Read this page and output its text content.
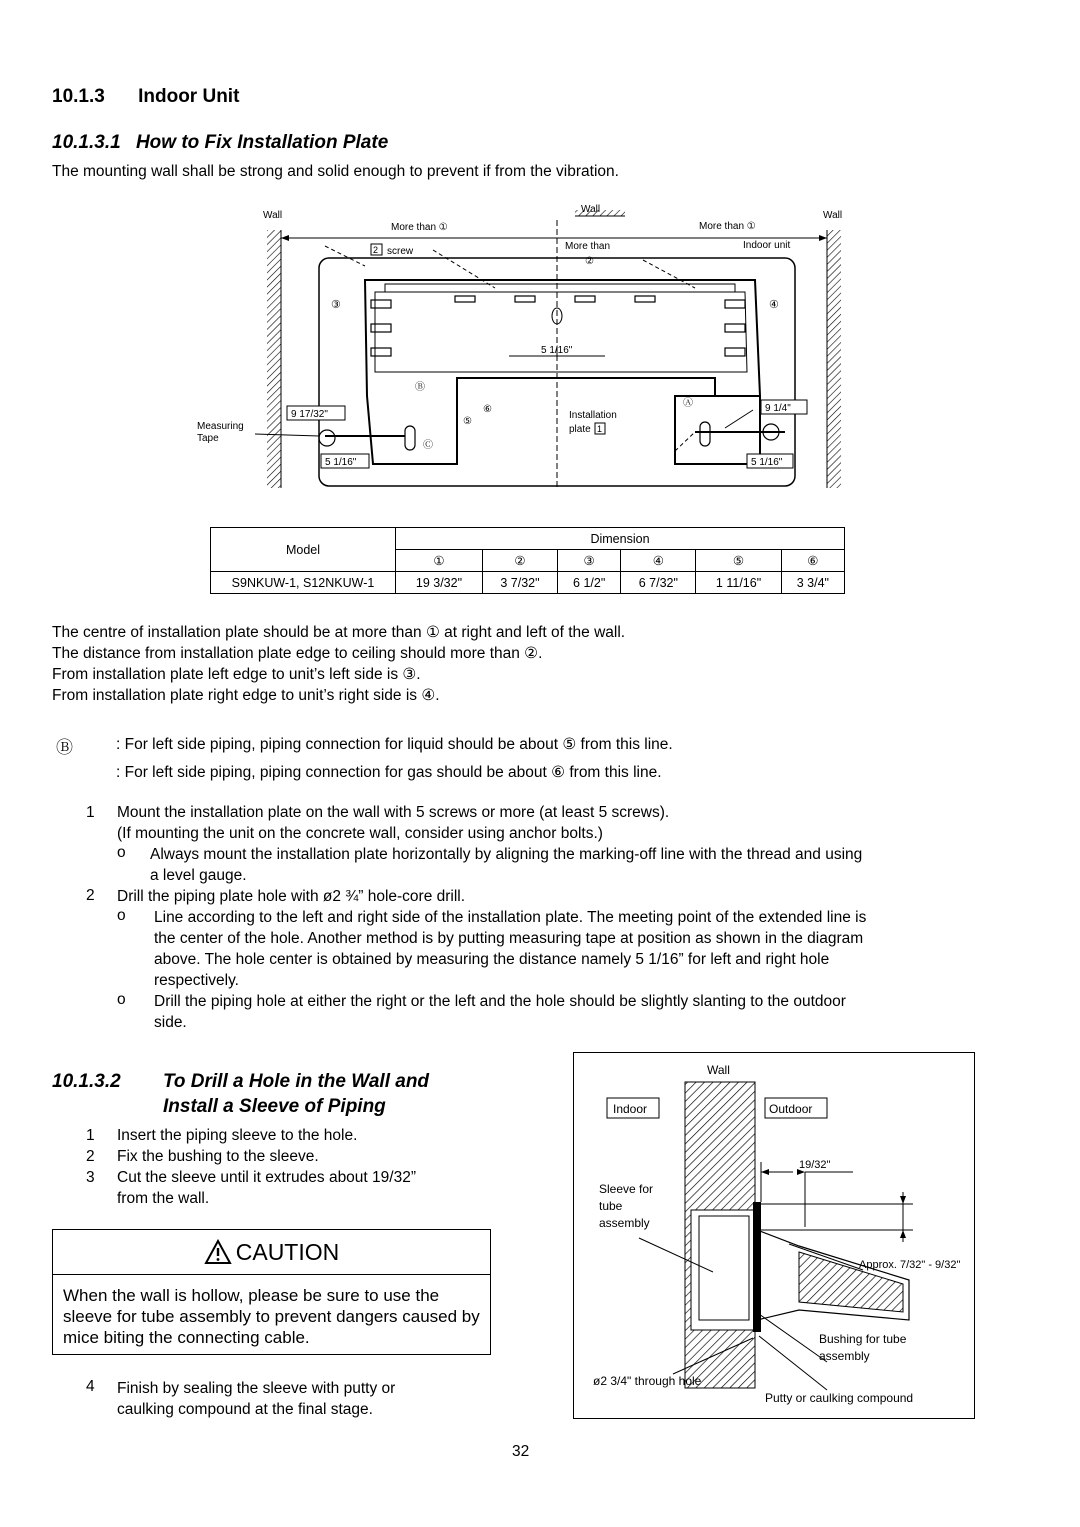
10.1.3 Indoor Unit
10.1.3.1 How to Fix Installation Plate
The mounting wall shall be strong and solid enough to prevent if from the vibration.
5 1/16"
Wall	Wall
Wall
More than ①	More than ①
More than
②
Indoor unit
2 screw
③	④
Ⓑ
Ⓐ
Ⓒ
⑥
⑤
9 17/32"
5 1/16"
9 1/4"
5 1/16"
Measuring
Tape
Installation
plate 1
Model	Dimension					
	①	②	③	④	⑤	⑥
S9NKUW-1, S12NKUW-1	19 3/32"	3 7/32"	6 1/2"	6 7/32"	1 11/16"	3 3/4"
The centre of installation plate should be at more than ① at right and left of the wall.
The distance from installation plate edge to ceiling should more than ②.
From installation plate left edge to unit’s left side is ③.
From installation plate right edge to unit’s right side is ④.
Ⓑ	: For left side piping, piping connection for liquid should be about ⑤ from this line.
: For left side piping, piping connection for gas should be about ⑥ from this line.
1 Mount the installation plate on the wall with 5 screws or more (at least 5 screws).
(If mounting the unit on the concrete wall, consider using anchor bolts.)
o Always mount the installation plate horizontally by aligning the marking-off line with the thread and using
a level gauge.
2 Drill the piping plate hole with ø2 ¾” hole-core drill.
o Line according to the left and right side of the installation plate. The meeting point of the extended line is
the center of the hole. Another method is by putting measuring tape at position as shown in the diagram
above. The hole center is obtained by measuring the distance namely 5 1/16” for left and right hole
respectively.
o Drill the piping hole at either the right or the left and the hole should be slightly slanting to the outdoor
side.
10.1.3.2 To Drill a Hole in the Wall and
Install a Sleeve of Piping
1	Insert the piping sleeve to the hole.
2	Fix the bushing to the sleeve.
3	Cut the sleeve until it extrudes about 19/32”
from the wall.
CAUTION
When the wall is hollow, please be sure to use the sleeve for tube assembly to prevent dangers caused by mice biting the connecting cable.
4 Finish by sealing the sleeve with putty or
caulking compound at the final stage.
Wall
Indoor	Outdoor
19/32"
Sleeve for
tube
assembly
Approx. 7/32" - 9/32"
Bushing for tube
assembly
ø2 3/4" through hole
Putty or caulking compound
32
